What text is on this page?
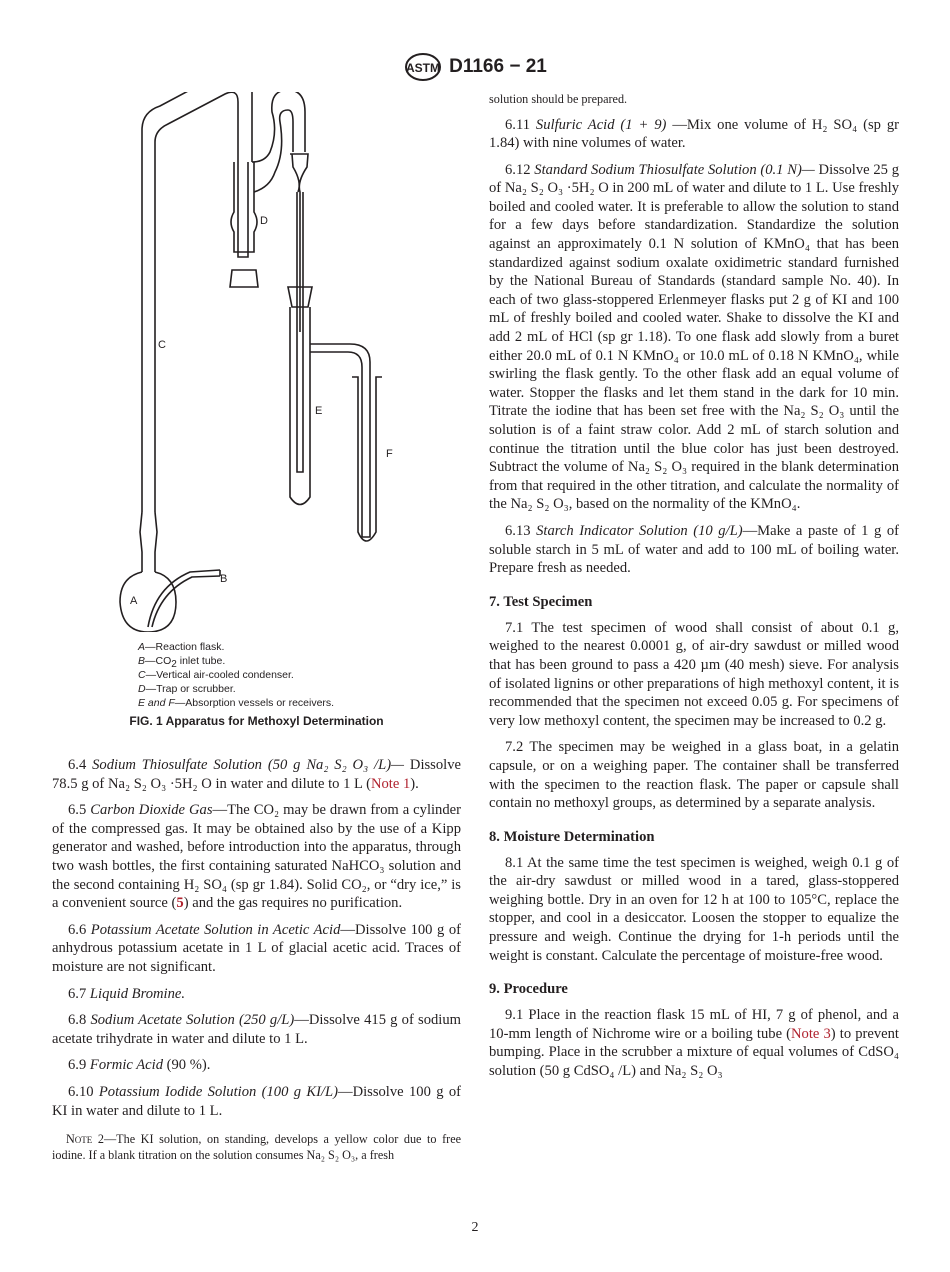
ASTM D1166 − 21
C
D
E
F
B
A
A—Reaction flask.
$B—CO_2$ inlet tube.
C—Vertical air-cooled condenser.
D—Trap or scrubber.
E and F—Absorption vessels or receivers.
FIG. 1 Apparatus for Methoxyl Determination

6.4 Sodium Thiosulfate Solution (50 g Na₂ S₂ O₃ /L)— Dissolve 78.5 g of Na₂ S₂ O₃ ·5H₂ O in water and dilute to 1 L (Note 1).

6.5 Carbon Dioxide Gas—The CO₂ may be drawn from a cylinder of the compressed gas. It may be obtained also by the use of a Kipp generator and washed, before introduction into the apparatus, through two wash bottles, the first containing saturated NaHCO₃ solution and the second containing H₂ SO₄ (sp gr 1.84). Solid CO₂, or “dry ice,” is a convenient source (5) and the gas requires no purification.

6.6 Potassium Acetate Solution in Acetic Acid—Dissolve 100 g of anhydrous potassium acetate in 1 L of glacial acetic acid. Traces of moisture are not significant.

6.7 Liquid Bromine.

6.8 Sodium Acetate Solution (250 g/L)—Dissolve 415 g of sodium acetate trihydrate in water and dilute to 1 L.

6.9 Formic Acid (90 %).

6.10 Potassium Iodide Solution (100 g KI/L)—Dissolve 100 g of KI in water and dilute to 1 L.

Note 2—The KI solution, on standing, develops a yellow color due to free iodine. If a blank titration on the solution consumes Na₂ S₂ O₃, a fresh

solution should be prepared.

6.11 Sulfuric Acid (1 + 9) —Mix one volume of H₂ SO₄ (sp gr 1.84) with nine volumes of water.

6.12 Standard Sodium Thiosulfate Solution (0.1 N)— Dissolve 25 g of Na₂ S₂ O₃ ·5H₂ O in 200 mL of water and dilute to 1 L. Use freshly boiled and cooled water. It is preferable to allow the solution to stand for a few days before standardization. Standardize the solution against an approximately 0.1 N solution of KMnO₄ that has been standardized against sodium oxalate oxidimetric standard furnished by the National Bureau of Standards (standard sample No. 40). In each of two glass-stoppered Erlenmeyer flasks put 2 g of KI and 100 mL of freshly boiled and cooled water. Shake to dissolve the KI and add 2 mL of HCl (sp gr 1.18). To one flask add slowly from a buret either 20.0 mL of 0.1 N KMnO₄ or 10.0 mL of 0.18 N KMnO₄, while swirling the flask gently. To the other flask add an equal volume of water. Stopper the flasks and let them stand in the dark for 10 min. Titrate the iodine that has been set free with the Na₂ S₂ O₃ until the solution is of a faint straw color. Add 2 mL of starch solution and continue the titration until the blue color has just been destroyed. Subtract the volume of Na₂ S₂ O₃ required in the blank determination from that required in the other titration, and calculate the normality of the Na₂ S₂ O₃, based on the normality of the KMnO₄.

6.13 Starch Indicator Solution (10 g/L)—Make a paste of 1 g of soluble starch in 5 mL of water and add to 100 mL of boiling water. Prepare fresh as needed.

7. Test Specimen

7.1 The test specimen of wood shall consist of about 0.1 g, weighed to the nearest 0.0001 g, of air-dry sawdust or milled wood that has been ground to pass a 420 µm (40 mesh) sieve. For analysis of isolated lignins or other preparations of high methoxyl content, it is recommended that the specimen not exceed 0.05 g. For specimens of very low methoxyl content, the specimen may be increased to 0.2 g.

7.2 The specimen may be weighed in a glass boat, in a gelatin capsule, or on a weighing paper. The container shall be transferred with the specimen to the reaction flask. The paper or capsule shall contain no methoxyl groups, as determined by a separate analysis.

8. Moisture Determination

8.1 At the same time the test specimen is weighed, weigh 0.1 g of the air-dry sawdust or milled wood in a tared, glass-stoppered weighing bottle. Dry in an oven for 12 h at 100 to 105°C, replace the stopper, and cool in a desiccator. Loosen the stopper to equalize the pressure and weigh. Continue the drying for 1-h periods until the weight is constant. Calculate the percentage of moisture-free wood.

9. Procedure

9.1 Place in the reaction flask 15 mL of HI, 7 g of phenol, and a 10-mm length of Nichrome wire or a boiling tube (Note 3) to prevent bumping. Place in the scrubber a mixture of equal volumes of CdSO₄ solution (50 g CdSO₄ /L) and Na₂ S₂ O₃

2
